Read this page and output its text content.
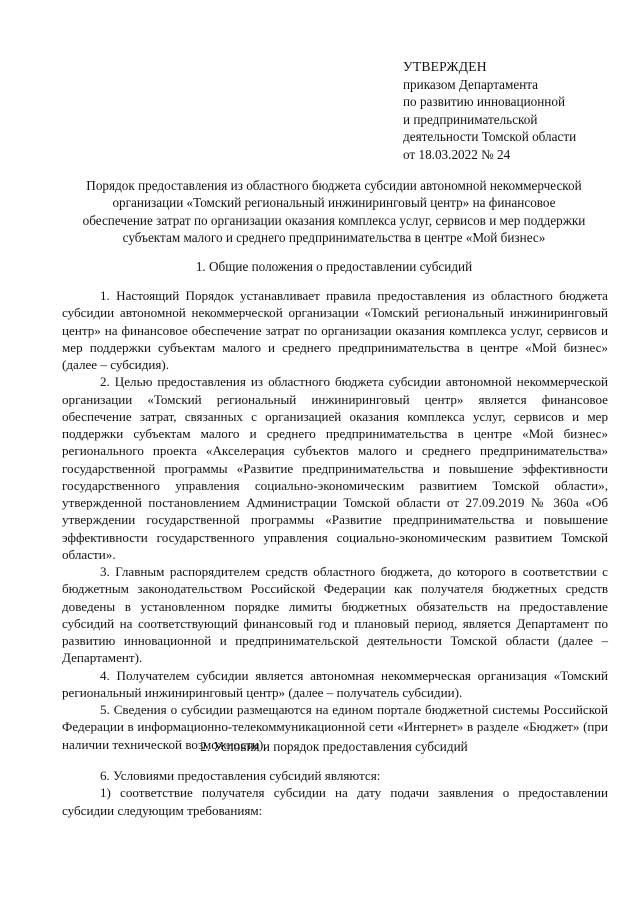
УТВЕРЖДЕН
приказом Департамента
по развитию инновационной
и предпринимательской
деятельности Томской области
от 18.03.2022 № 24
Порядок предоставления из областного бюджета субсидии автономной некоммерческой
организации «Томский региональный инжиниринговый центр» на финансовое
обеспечение затрат по организации оказания комплекса услуг, сервисов и мер поддержки
субъектам малого и среднего предпринимательства в центре «Мой бизнес»
1. Общие положения о предоставлении субсидий

1. Настоящий Порядок устанавливает правила предоставления из областного бюджета субсидии автономной некоммерческой организации «Томский региональный инжиниринговый центр» на финансовое обеспечение затрат по организации оказания комплекса услуг, сервисов и мер поддержки субъектам малого и среднего предпринимательства в центре «Мой бизнес» (далее – субсидия).

2. Целью предоставления из областного бюджета субсидии автономной некоммерческой организации «Томский региональный инжиниринговый центр» является финансовое обеспечение затрат, связанных с организацией оказания комплекса услуг, сервисов и мер поддержки субъектам малого и среднего предпринимательства в центре «Мой бизнес» регионального проекта «Акселерация субъектов малого и среднего предпринимательства» государственной программы «Развитие предпринимательства и повышение эффективности государственного управления социально-экономическим развитием Томской области», утвержденной постановлением Администрации Томской области от 27.09.2019 № 360а «Об утверждении государственной программы «Развитие предпринимательства и повышение эффективности государственного управления социально-экономическим развитием Томской области».

3. Главным распорядителем средств областного бюджета, до которого в соответствии с бюджетным законодательством Российской Федерации как получателя бюджетных средств доведены в установленном порядке лимиты бюджетных обязательств на предоставление субсидий на соответствующий финансовый год и плановый период, является Департамент по развитию инновационной и предпринимательской деятельности Томской области (далее – Департамент).

4. Получателем субсидии является автономная некоммерческая организация «Томский региональный инжиниринговый центр» (далее – получатель субсидии).

5. Сведения о субсидии размещаются на едином портале бюджетной системы Российской Федерации в информационно-телекоммуникационной сети «Интернет» в разделе «Бюджет» (при наличии технической возможности).

2. Условия и порядок предоставления субсидий

6. Условиями предоставления субсидий являются:

1) соответствие получателя субсидии на дату подачи заявления о предоставлении субсидии следующим требованиям:
